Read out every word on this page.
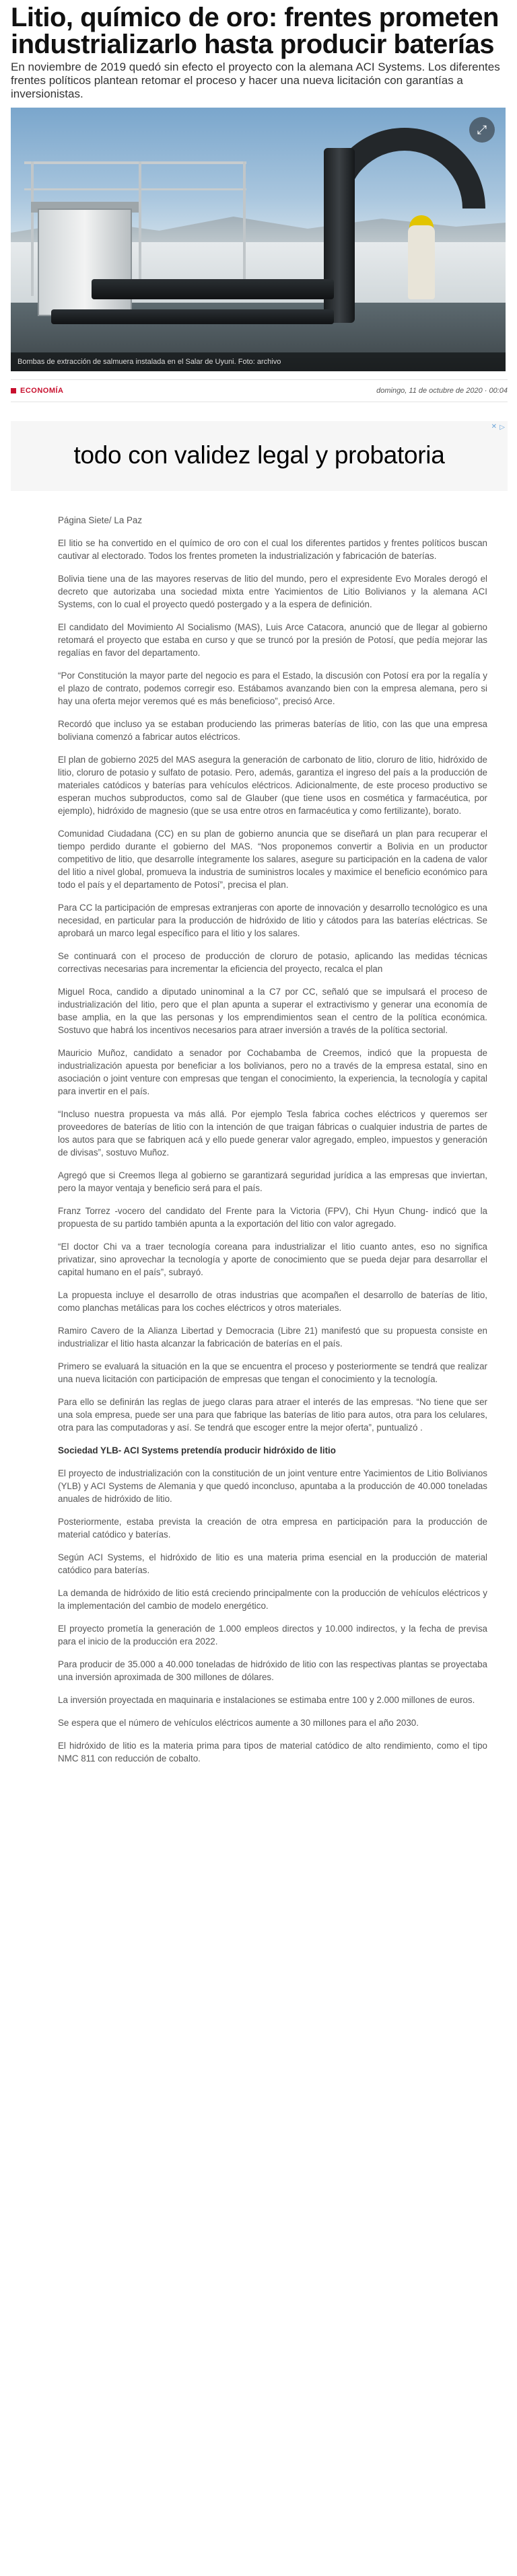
Litio, químico de oro: frentes prometen industrializarlo hasta producir baterías

En noviembre de 2019 quedó sin efecto el proyecto con la alemana ACI Systems. Los diferentes frentes políticos plantean retomar el proceso y hacer una nueva licitación con garantías a inversionistas.

⤢
Bombas de extracción de salmuera instalada en el Salar de Uyuni. Foto: archivo
ECONOMÍA	domingo, 11 de octubre de 2020 · 00:04
✕ ▷
todo con validez legal y probatoria

Página Siete/ La Paz

El litio se ha convertido en el químico de oro con el cual los diferentes partidos y frentes políticos buscan cautivar al electorado. Todos los frentes prometen la industrialización y fabricación de baterías.

Bolivia tiene una de las mayores reservas de litio del mundo, pero el expresidente Evo Morales derogó el decreto que autorizaba una sociedad mixta entre Yacimientos de Litio Bolivianos y la alemana ACI Systems, con lo cual el proyecto quedó postergado y a la espera de definición.

El candidato del Movimiento Al Socialismo (MAS), Luis Arce Catacora, anunció que de llegar al gobierno retomará el proyecto que estaba en curso y que se truncó por la presión de Potosí, que pedía mejorar las regalías en favor del departamento.

“Por Constitución la mayor parte del negocio es para el Estado, la discusión con Potosí era por la regalía y el plazo de contrato, podemos corregir eso. Estábamos avanzando bien con la empresa alemana, pero si hay una oferta mejor veremos qué es más beneficioso”, precisó Arce.

Recordó que incluso ya se estaban produciendo las primeras baterías de litio, con las que una empresa boliviana comenzó a fabricar autos eléctricos.

El plan de gobierno 2025 del MAS asegura la generación de carbonato de litio, cloruro de litio, hidróxido de litio, cloruro de potasio y sulfato de potasio. Pero, además, garantiza el ingreso del país a la producción de materiales catódicos y baterías para vehículos eléctricos. Adicionalmente, de este proceso productivo se esperan muchos subproductos, como sal de Glauber (que tiene usos en cosmética y farmacéutica, por ejemplo), hidróxido de magnesio (que se usa entre otros en farmacéutica y como fertilizante), borato.

Comunidad Ciudadana (CC) en su plan de gobierno anuncia que se diseñará un plan para recuperar el tiempo perdido durante el gobierno del MAS. “Nos proponemos convertir a Bolivia en un productor competitivo de litio, que desarrolle íntegramente los salares, asegure su participación en la cadena de valor del litio a nivel global, promueva la industria de suministros locales y maximice el beneficio económico para todo el país y el departamento de Potosí”, precisa el plan.

Para CC la participación de empresas extranjeras con aporte de innovación y desarrollo tecnológico es una necesidad, en particular para la producción de hidróxido de litio y cátodos para las baterías eléctricas. Se aprobará un marco legal específico para el litio y los salares.

Se continuará con el proceso de producción de cloruro de potasio, aplicando las medidas técnicas correctivas necesarias para incrementar la eficiencia del proyecto, recalca el plan

Miguel Roca, candido a diputado uninominal a la C7 por CC, señaló que se impulsará el proceso de industrialización del litio, pero que el plan apunta a superar el extractivismo y generar una economía de base amplia, en la que las personas y los emprendimientos sean el centro de la política económica. Sostuvo que habrá los incentivos necesarios para atraer inversión a través de la política sectorial.

Mauricio Muñoz, candidato a senador por Cochabamba de Creemos, indicó que la propuesta de industrialización apuesta por beneficiar a los bolivianos, pero no a través de la empresa estatal, sino en asociación o joint venture con empresas que tengan el conocimiento, la experiencia, la tecnología y capital para invertir en el país.

“Incluso nuestra propuesta va más allá. Por ejemplo Tesla fabrica coches eléctricos y queremos ser proveedores de baterías de litio con la intención de que traigan fábricas o cualquier industria de partes de los autos para que se fabriquen acá y ello puede generar valor agregado, empleo, impuestos y generación de divisas”, sostuvo Muñoz.

Agregó que si Creemos llega al gobierno se garantizará seguridad jurídica a las empresas que inviertan, pero la mayor ventaja y beneficio será para el país.

Franz Torrez -vocero del candidato del Frente para la Victoria (FPV), Chi Hyun Chung- indicó que la propuesta de su partido también apunta a la exportación del litio con valor agregado.

“El doctor Chi va a traer tecnología coreana para industrializar el litio cuanto antes, eso no significa privatizar, sino aprovechar la tecnología y aporte de conocimiento que se pueda dejar para desarrollar el capital humano en el país”, subrayó.

La propuesta incluye el desarrollo de otras industrias que acompañen el desarrollo de baterías de litio, como planchas metálicas para los coches eléctricos y otros materiales.

Ramiro Cavero de la Alianza Libertad y Democracia (Libre 21) manifestó que su propuesta consiste en industrializar el litio hasta alcanzar la fabricación de baterías en el país.

Primero se evaluará la situación en la que se encuentra el proceso y posteriormente se tendrá que realizar una nueva licitación con participación de empresas que tengan el conocimiento y la tecnología.

Para ello se definirán las reglas de juego claras para atraer el interés de las empresas. “No tiene que ser una sola empresa, puede ser una para que fabrique las baterías de litio para autos, otra para los celulares, otra para las computadoras y así. Se tendrá que escoger entre la mejor oferta”, puntualizó .

Sociedad YLB- ACI Systems pretendía producir hidróxido de litio

El proyecto de industrialización con la constitución de un joint venture entre Yacimientos de Litio Bolivianos (YLB) y ACI Systems de Alemania y que quedó inconcluso, apuntaba a la producción de 40.000 toneladas anuales de hidróxido de litio.

Posteriormente, estaba prevista la creación de otra empresa en participación para la producción de material catódico y baterías.

Según ACI Systems, el hidróxido de litio es una materia prima esencial en la producción de material catódico para baterías.

La demanda de hidróxido de litio está creciendo principalmente con la producción de vehículos eléctricos y la implementación del cambio de modelo energético.

El proyecto prometía la generación de 1.000 empleos directos y 10.000 indirectos, y la fecha de previsa para el inicio de la producción era 2022.

Para producir de 35.000 a 40.000 toneladas de hidróxido de litio con las respectivas plantas se proyectaba una inversión aproximada de 300 millones de dólares.

La inversión proyectada en maquinaria e instalaciones se estimaba entre 100 y 2.000 millones de euros.

Se espera que el número de vehículos eléctricos aumente a 30 millones para el año 2030.

El hidróxido de litio es la materia prima para tipos de material catódico de alto rendimiento, como el tipo NMC 811 con reducción de cobalto.
